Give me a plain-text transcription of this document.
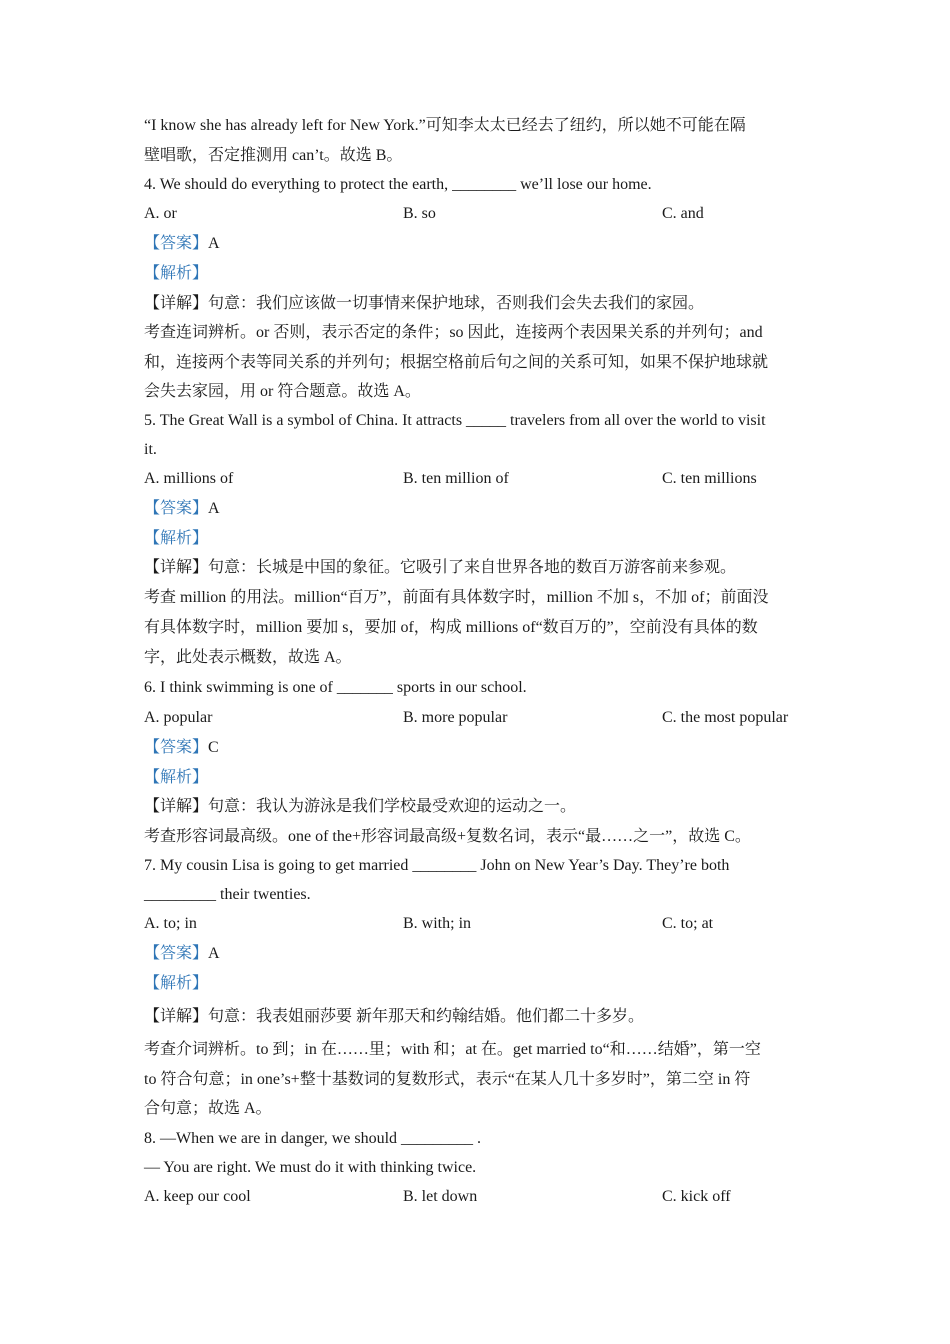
“I know she has already left for New York.”可知李太太已经去了纽约，所以她不可能在隔
壁唱歌，否定推测用 can’t。故选 B。
4. We should do everything to protect the earth, ________ we’ll lose our home.
A. or	B. so	C. and
【答案】A
【解析】
【详解】句意：我们应该做一切事情来保护地球，否则我们会失去我们的家园。
考查连词辨析。or 否则，表示否定的条件；so 因此，连接两个表因果关系的并列句；and
和，连接两个表等同关系的并列句；根据空格前后句之间的关系可知，如果不保护地球就
会失去家园，用 or 符合题意。故选 A。
5. The Great Wall is a symbol of China. It attracts _____ travelers from all over the world to visit
it.
A. millions of	B. ten million of	C. ten millions
【答案】A
【解析】
【详解】句意：长城是中国的象征。它吸引了来自世界各地的数百万游客前来参观。
考查 million 的用法。million“百万”，前面有具体数字时，million 不加 s，不加 of；前面没
有具体数字时，million 要加 s，要加 of，构成 millions of“数百万的”，空前没有具体的数
字，此处表示概数，故选 A。
6. I think swimming is one of _______ sports in our school.
A. popular	B. more popular	C. the most popular
【答案】C
【解析】
【详解】句意：我认为游泳是我们学校最受欢迎的运动之一。
考查形容词最高级。one of the+形容词最高级+复数名词，表示“最……之一”，故选 C。
7. My cousin Lisa is going to get married ________ John on New Year’s Day. They’re both
_________ their twenties.
A. to; in	B. with; in	C. to; at
【答案】A
【解析】
【详解】句意：我表姐丽莎要 新年那天和约翰结婚。他们都二十多岁。
考查介词辨析。to 到；in 在……里；with 和；at 在。get married to“和……结婚”，第一空
to 符合句意；in one’s+整十基数词的复数形式，表示“在某人几十多岁时”，第二空 in 符
合句意；故选 A。
8. —When we are in danger, we should _________ .
— You are right. We must do it with thinking twice.
A. keep our cool	B. let down	C. kick off
